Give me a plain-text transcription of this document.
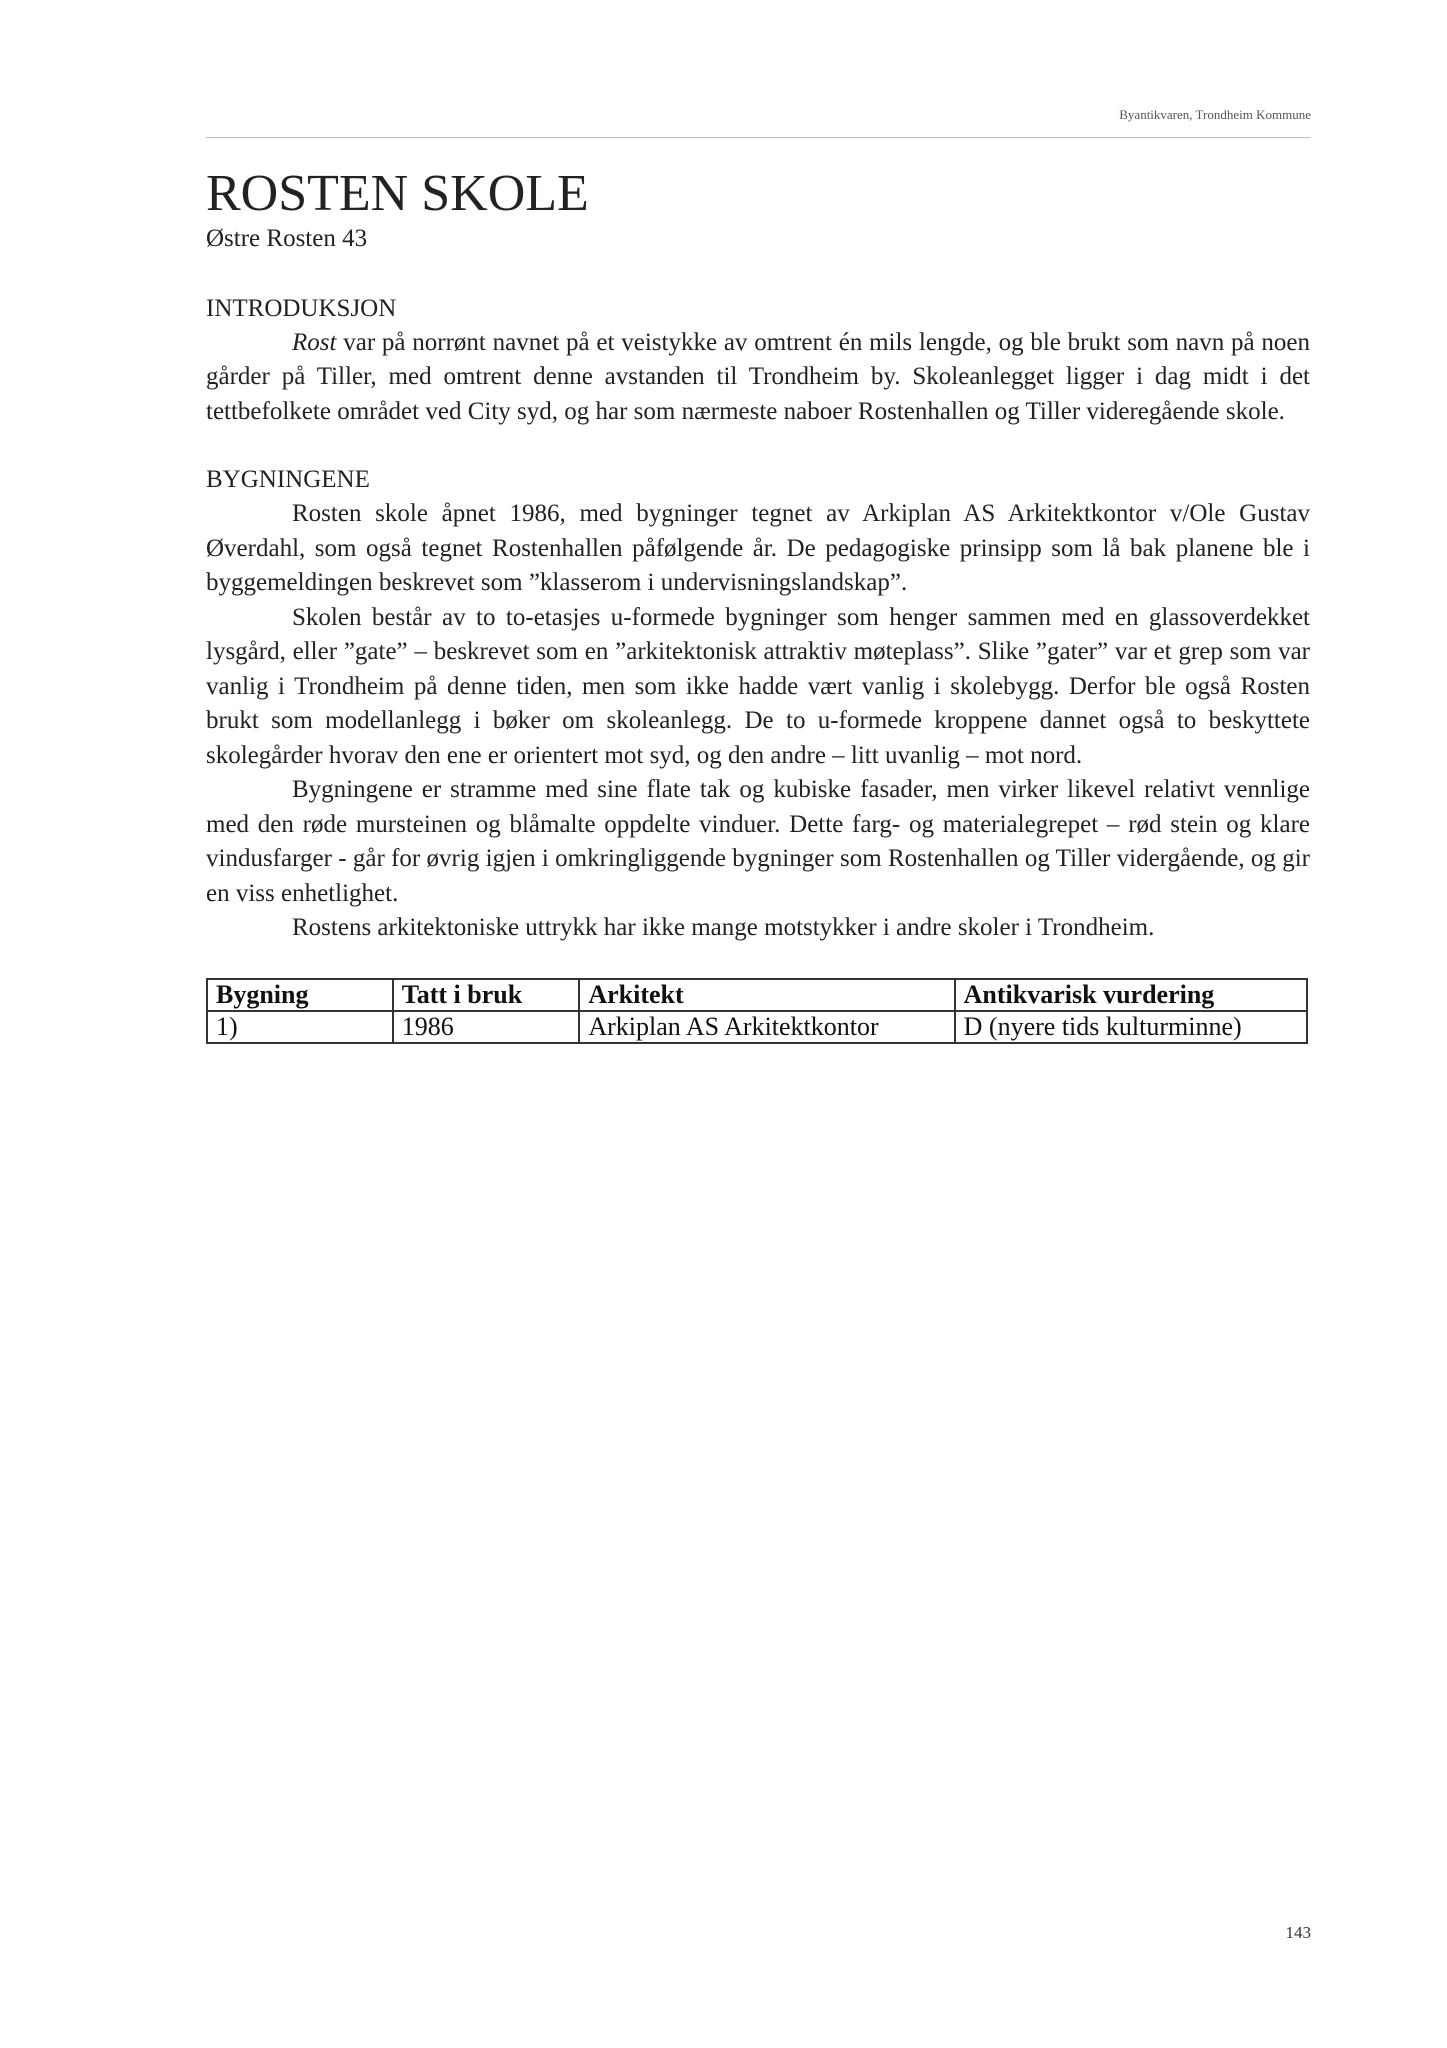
Byantikvaren, Trondheim Kommune
ROSTEN SKOLE

Østre Rosten 43

INTRODUKSJON

Rost var på norrønt navnet på et veistykke av omtrent én mils lengde, og ble brukt som navn på noen gårder på Tiller, med omtrent denne avstanden til Trondheim by. Skoleanlegget ligger i dag midt i det tettbefolkete området ved City syd, og har som nærmeste naboer Rostenhallen og Tiller videregående skole.

BYGNINGENE

Rosten skole åpnet 1986, med bygninger tegnet av Arkiplan AS Arkitektkontor v/Ole Gustav Øverdahl, som også tegnet Rostenhallen påfølgende år. De pedagogiske prinsipp som lå bak planene ble i byggemeldingen beskrevet som ”klasserom i undervisningslandskap”.

Skolen består av to to-etasjes u-formede bygninger som henger sammen med en glassoverdekket lysgård, eller ”gate” – beskrevet som en ”arkitektonisk attraktiv møteplass”. Slike ”gater” var et grep som var vanlig i Trondheim på denne tiden, men som ikke hadde vært vanlig i skolebygg. Derfor ble også Rosten brukt som modellanlegg i bøker om skoleanlegg. De to u-formede kroppene dannet også to beskyttete skolegårder hvorav den ene er orientert mot syd, og den andre – litt uvanlig – mot nord.

Bygningene er stramme med sine flate tak og kubiske fasader, men virker likevel relativt vennlige med den røde mursteinen og blåmalte oppdelte vinduer. Dette farg- og materialegrepet – rød stein og klare vindusfarger - går for øvrig igjen i omkringliggende bygninger som Rostenhallen og Tiller vidergående, og gir en viss enhetlighet.

Rostens arkitektoniske uttrykk har ikke mange motstykker i andre skoler i Trondheim.

Bygning	Tatt i bruk	Arkitekt	Antikvarisk vurdering
1)	1986	Arkiplan AS Arkitektkontor	D (nyere tids kulturminne)
143
